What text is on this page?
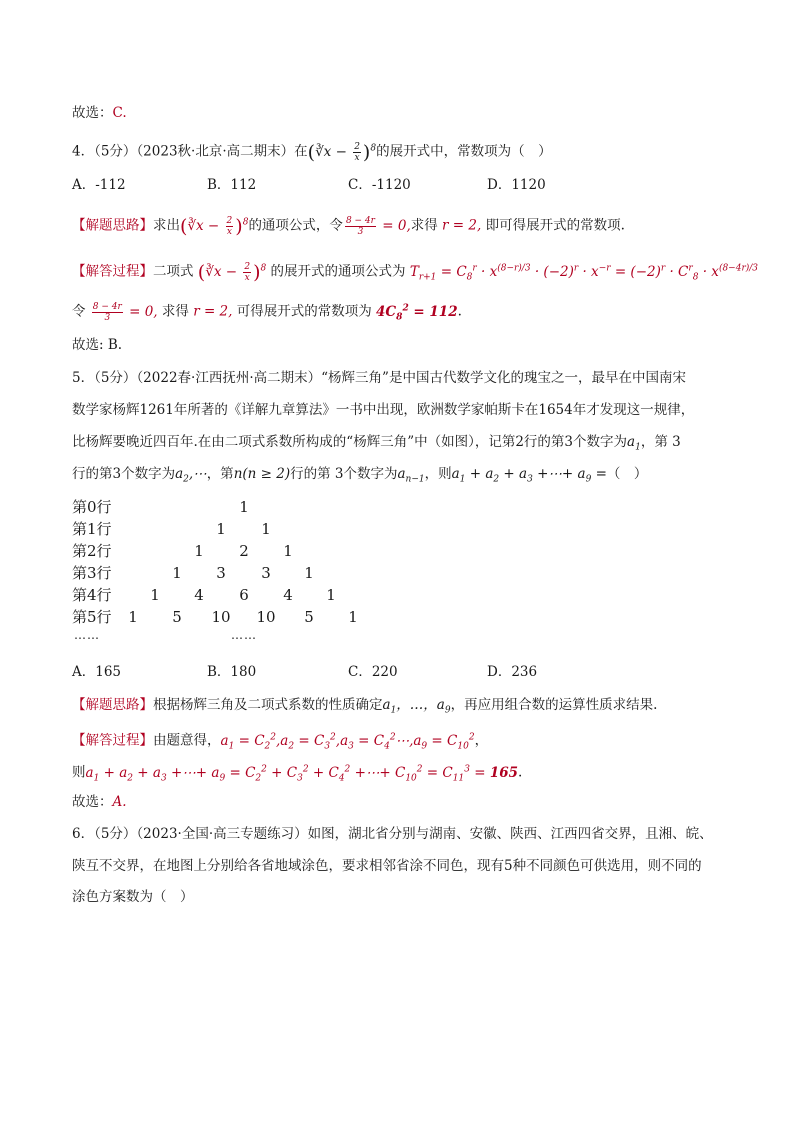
故选：C.
4．（5分）（2023秋·北京·高二期末）在(∛x − $\frac{2}{x} )^8$的展开式中，常数项为（　）
A．-112	B．112	C．-1120	D．1120
【解题思路】求出(∛x − $\frac{2}{x} )^8$的通项公式，令 $\frac{8 - 4r}{3} = 0$,求得 r = 2, 即可得展开式的常数项.
【解答过程】二项式 (∛x − $\frac{2}{x} )^8$ 的展开式的通项公式为 $T_{r+1} = C_8^r \cdot x^{(8-r)/3} \cdot (-2)^r \cdot x^{-r} = (-2)^r \cdot C^r_8 \cdot x^{(8-4r)/3}$
令 $\frac{8 - 4r}{3} = 0$, 求得 r = 2, 可得展开式的常数项为 $4C_8^2 = 112$.
故选: B.
5．（5分）（2022春·江西抚州·高二期末）“杨辉三角”是中国古代数学文化的瑰宝之一，最早在中国南宋
数学家杨辉1261年所著的《详解九章算法》一书中出现，欧洲数学家帕斯卡在1654年才发现这一规律，
比杨辉要晚近四百年.在由二项式系数所构成的“杨辉三角”中（如图），记第2行的第3个数字为$a_1$，第 3
行的第3个数字为$a_2,\cdots$，第n(n ≥ 2)行的第 3个数字为$a_{n-1}$，则$a_1 + a_2 + a_3$ +⋯+ $a_9$ =（　）
第0行	1
第1行	1	1
第2行	1	2	1
第3行	1	3	3	1
第4行	1	4	6	4	1
第5行	1	5	10	10	5	1
……	……
A．165	B．180	C．220	D．236
【解题思路】根据杨辉三角及二项式系数的性质确定$a_1$，…，$a_9$，再应用组合数的运算性质求结果.
【解答过程】由题意得，$a_1 = C_2^2,a_2 = C_3^2,a_3$ = $C_4^2\cdots,a_9 = C_{10}^2$，
则$a_1 + a_2 + a_3$ +⋯+ $a_9 = C_2^2 + C_3^2 + C_4^2$ +⋯+ $C_{10}^2 = C_{11}^3 = 165$.
故选：A.
6．（5分）（2023·全国·高三专题练习）如图，湖北省分别与湖南、安徽、陕西、江西四省交界，且湘、皖、
陕互不交界，在地图上分别给各省地域涂色，要求相邻省涂不同色，现有5种不同颜色可供选用，则不同的
涂色方案数为（　）
